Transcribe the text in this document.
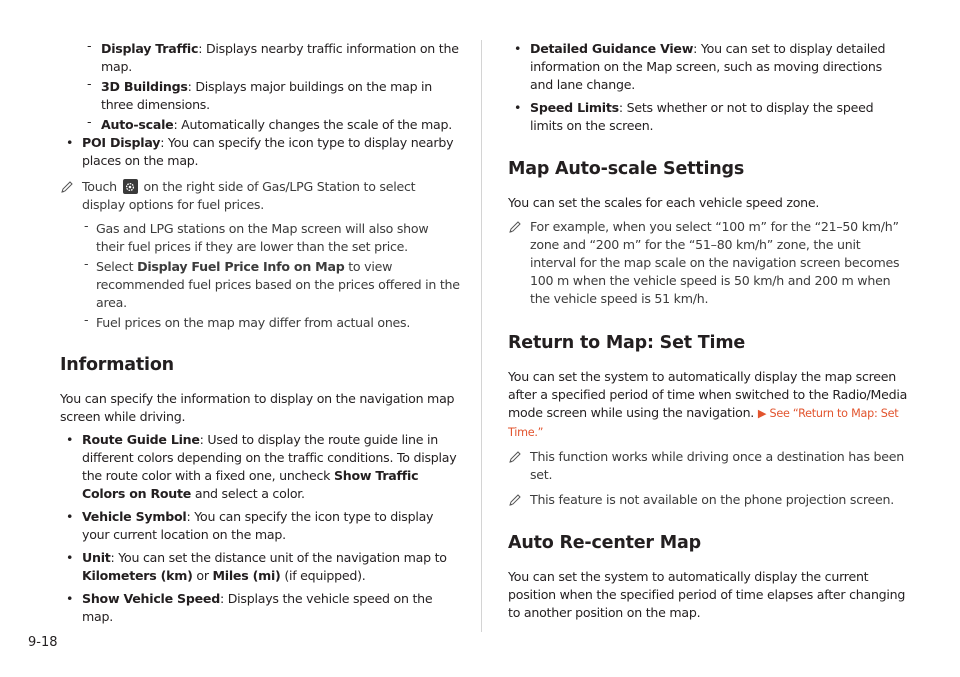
- Display Traffic: Displays nearby traffic information on the map.
- 3D Buildings: Displays major buildings on the map in three dimensions.
- Auto-scale: Automatically changes the scale of the map.
• POI Display: You can specify the icon type to display nearby places on the map.
Touch on the right side of Gas/LPG Station to select display options for fuel prices.
- Gas and LPG stations on the Map screen will also show their fuel prices if they are lower than the set price.
- Select Display Fuel Price Info on Map to view recommended fuel prices based on the prices offered in the area.
- Fuel prices on the map may differ from actual ones.
Information

You can specify the information to display on the navigation map screen while driving.

• Route Guide Line: Used to display the route guide line in different colors depending on the traffic conditions. To display the route color with a fixed one, uncheck Show Traffic Colors on Route and select a color.
• Vehicle Symbol: You can specify the icon type to display your current location on the map.
• Unit: You can set the distance unit of the navigation map to Kilometers (km) or Miles (mi) (if equipped).
• Show Vehicle Speed: Displays the vehicle speed on the map.
• Detailed Guidance View: You can set to display detailed information on the Map screen, such as moving directions and lane change.
• Speed Limits: Sets whether or not to display the speed limits on the screen.
Map Auto-scale Settings

You can set the scales for each vehicle speed zone.

For example, when you select “100 m” for the “21–50 km/h” zone and “200 m” for the “51–80 km/h” zone, the unit interval for the map scale on the navigation screen becomes 100 m when the vehicle speed is 50 km/h and 200 m when the vehicle speed is 51 km/h.
Return to Map: Set Time

You can set the system to automatically display the map screen after a specified period of time when switched to the Radio/Media mode screen while using the navigation. ▶ See “Return to Map: Set Time.”

This function works while driving once a destination has been set.
This feature is not available on the phone projection screen.
Auto Re-center Map

You can set the system to automatically display the current position when the specified period of time elapses after changing to another position on the map.

9-18
